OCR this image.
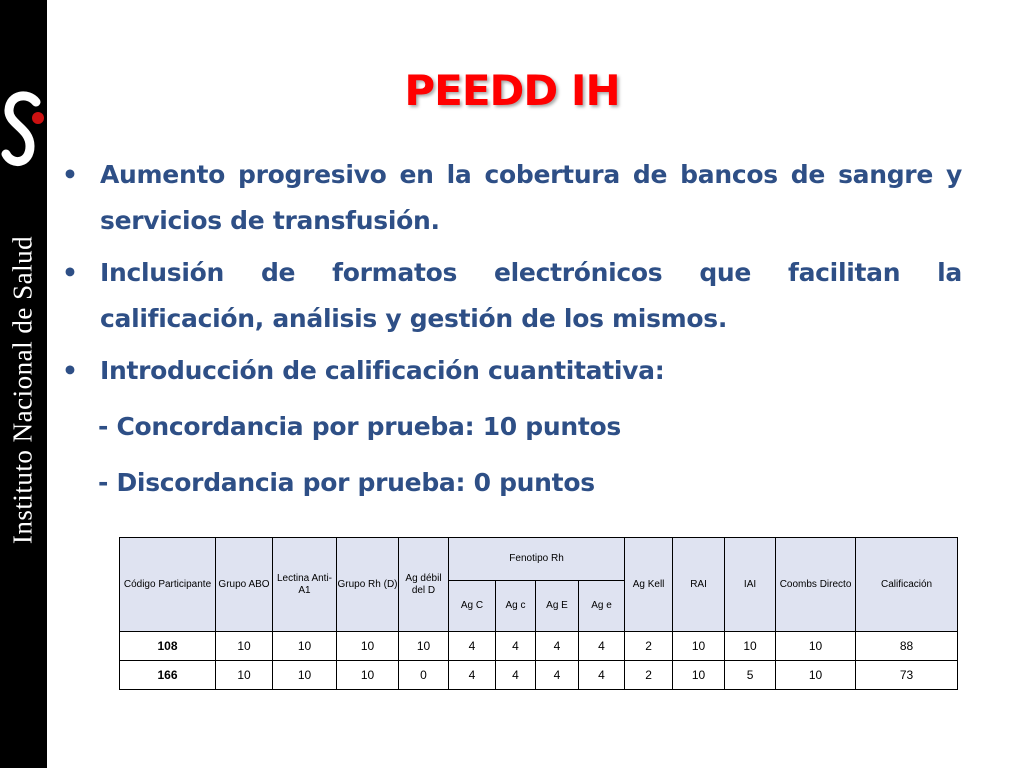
Instituto Nacional de Salud
PEEDD IH
• Aumento progresivo en la cobertura de bancos de sangre y servicios de transfusión.
• Inclusión de formatos electrónicos que facilitan la calificación, análisis y gestión de los mismos.
• Introducción de calificación cuantitativa:
- Concordancia por prueba: 10 puntos
- Discordancia por prueba: 0 puntos
Código Participante	Grupo ABO	Lectina Anti-A1	Grupo Rh (D)	Ag débil del D	Fenotipo Rh				Ag Kell	RAI	IAI	Coombs Directo	Calificación
					Ag C	Ag c	Ag E	Ag e					
108	10	10	10	10	4	4	4	4	2	10	10	10	88
166	10	10	10	0	4	4	4	4	2	10	5	10	73
